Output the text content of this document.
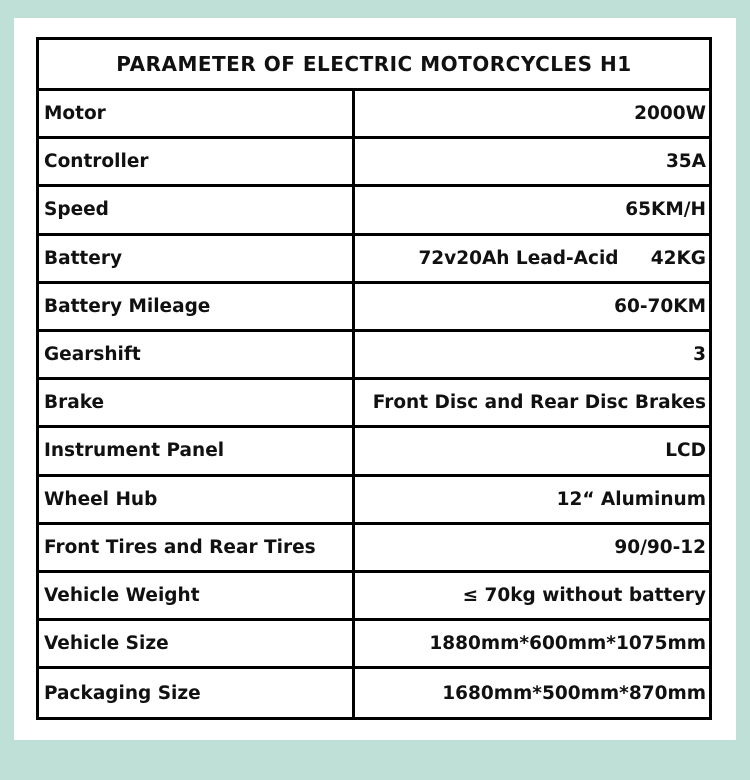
PARAMETER OF ELECTRIC MOTORCYCLES H1
Motor	2000W
Controller	35A
Speed	65KM/H
Battery	72v20Ah Lead-Acid     42KG
Battery Mileage	60-70KM
Gearshift	3
Brake	Front Disc and Rear Disc Brakes
Instrument Panel	LCD
Wheel Hub	12“ Aluminum
Front Tires and Rear Tires	90/90-12
Vehicle Weight	≤ 70kg without battery
Vehicle Size	1880mm*600mm*1075mm
Packaging Size	1680mm*500mm*870mm
